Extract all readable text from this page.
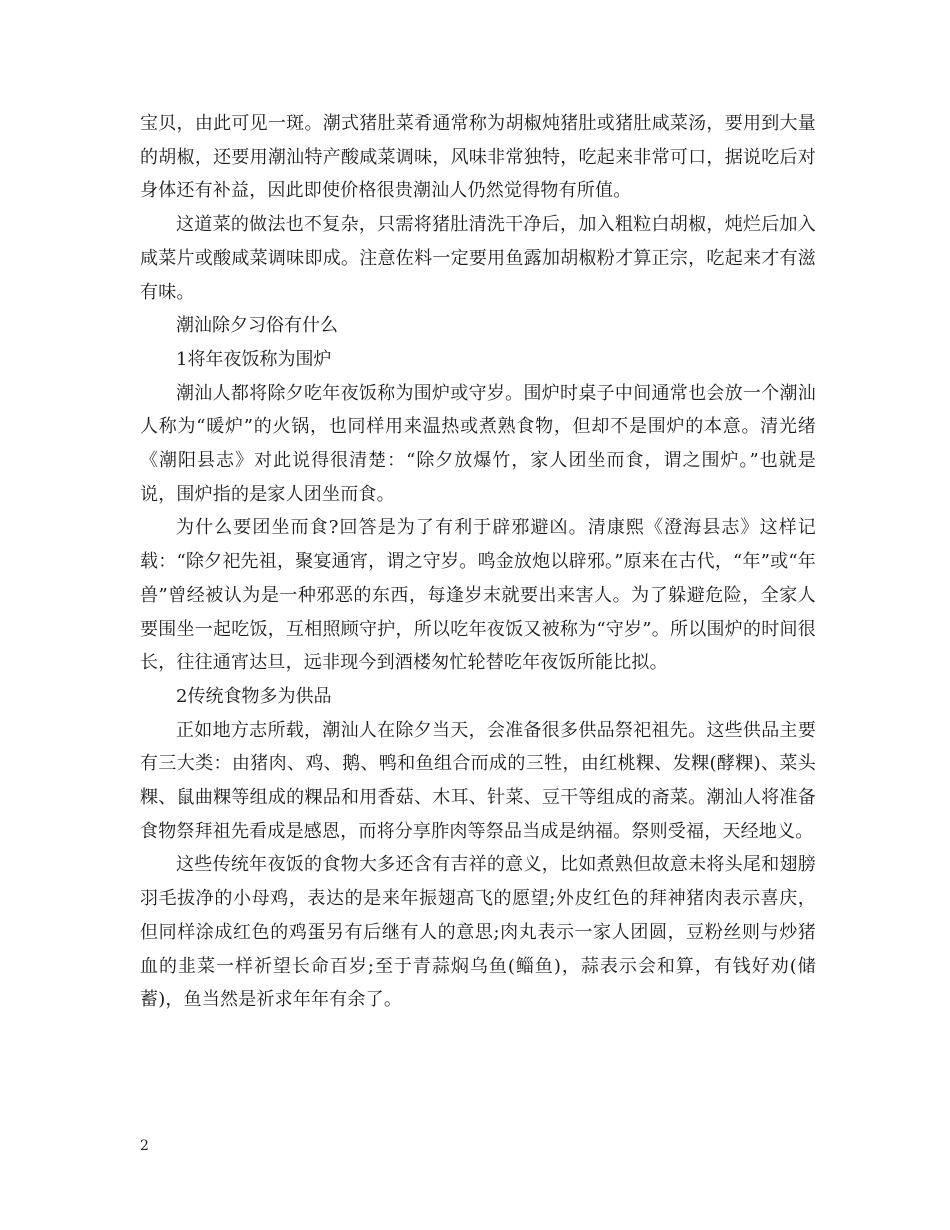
宝贝，由此可见一斑。潮式猪肚菜肴通常称为胡椒炖猪肚或猪肚咸菜汤，要用到大量的胡椒，还要用潮汕特产酸咸菜调味，风味非常独特，吃起来非常可口，据说吃后对身体还有补益，因此即使价格很贵潮汕人仍然觉得物有所值。

这道菜的做法也不复杂，只需将猪肚清洗干净后，加入粗粒白胡椒，炖烂后加入咸菜片或酸咸菜调味即成。注意佐料一定要用鱼露加胡椒粉才算正宗，吃起来才有滋有味。

潮汕除夕习俗有什么

1将年夜饭称为围炉

潮汕人都将除夕吃年夜饭称为围炉或守岁。围炉时桌子中间通常也会放一个潮汕人称为“暖炉”的火锅，也同样用来温热或煮熟食物，但却不是围炉的本意。清光绪《潮阳县志》对此说得很清楚：“除夕放爆竹，家人团坐而食，谓之围炉。”也就是说，围炉指的是家人团坐而食。

为什么要团坐而食?回答是为了有利于辟邪避凶。清康熙《澄海县志》这样记载：“除夕祀先祖，聚宴通宵，谓之守岁。鸣金放炮以辟邪。”原来在古代，“年”或“年兽”曾经被认为是一种邪恶的东西，每逢岁末就要出来害人。为了躲避危险，全家人要围坐一起吃饭，互相照顾守护，所以吃年夜饭又被称为“守岁”。所以围炉的时间很长，往往通宵达旦，远非现今到酒楼匆忙轮替吃年夜饭所能比拟。

2传统食物多为供品

正如地方志所载，潮汕人在除夕当天，会准备很多供品祭祀祖先。这些供品主要有三大类：由猪肉、鸡、鹅、鸭和鱼组合而成的三牲，由红桃粿、发粿(酵粿)、菜头粿、鼠曲粿等组成的粿品和用香菇、木耳、针菜、豆干等组成的斋菜。潮汕人将准备食物祭拜祖先看成是感恩，而将分享胙肉等祭品当成是纳福。祭则受福，天经地义。

这些传统年夜饭的食物大多还含有吉祥的意义，比如煮熟但故意未将头尾和翅膀羽毛拔净的小母鸡，表达的是来年振翅高飞的愿望;外皮红色的拜神猪肉表示喜庆，但同样涂成红色的鸡蛋另有后继有人的意思;肉丸表示一家人团圆，豆粉丝则与炒猪血的韭菜一样祈望长命百岁;至于青蒜焖乌鱼(鲻鱼)，蒜表示会和算，有钱好劝(储蓄)，鱼当然是祈求年年有余了。

2
